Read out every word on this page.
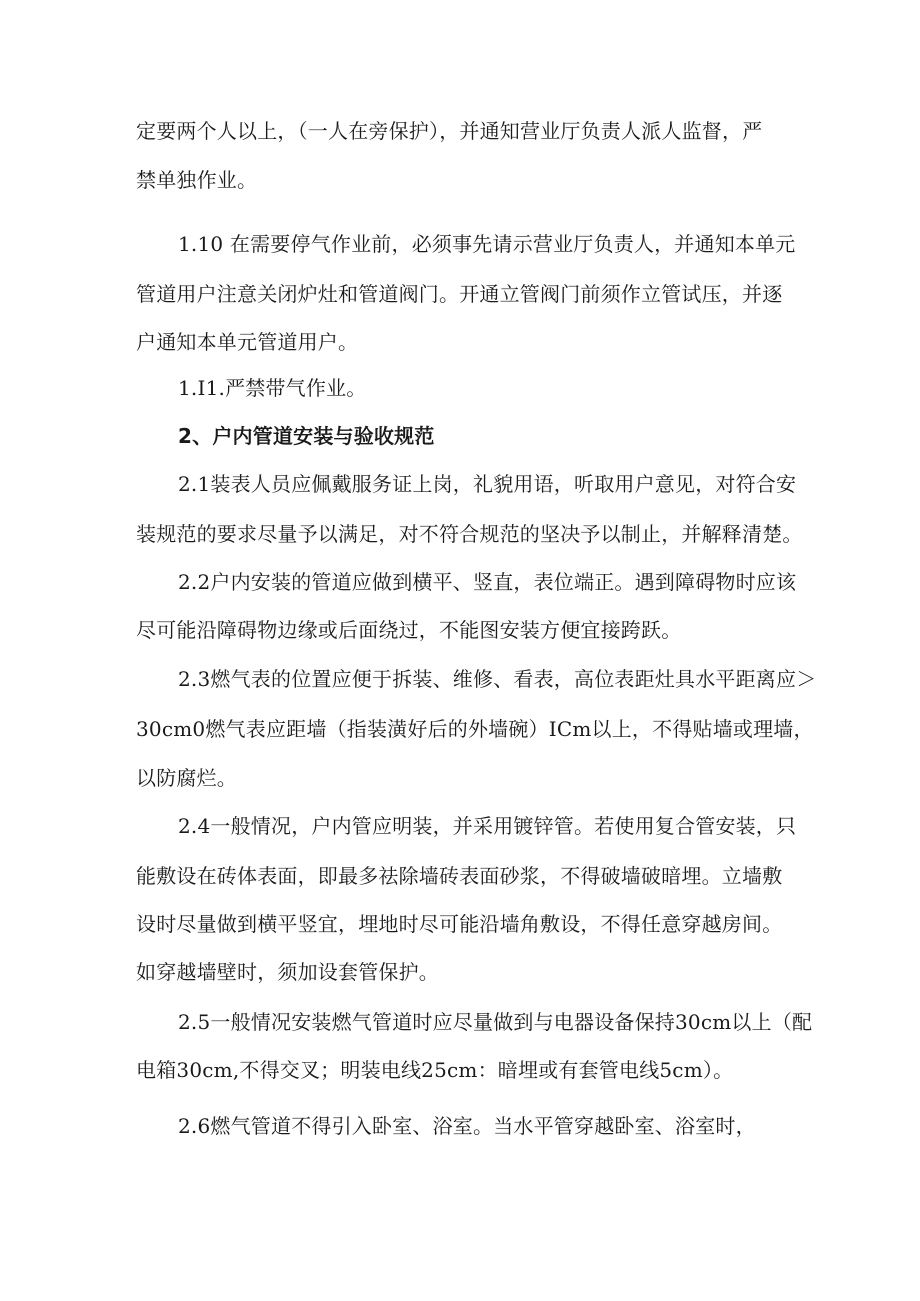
定要两个人以上，（一人在旁保护），并通知营业厅负责人派人监督，严
禁单独作业。
1.10 在需要停气作业前，必须事先请示营业厅负责人，并通知本单元
管道用户注意关闭炉灶和管道阀门。开通立管阀门前须作立管试压，并逐
户通知本单元管道用户。
1.I1.严禁带气作业。
2、户内管道安装与验收规范
2.1装表人员应佩戴服务证上岗，礼貌用语，听取用户意见，对符合安
装规范的要求尽量予以满足，对不符合规范的坚决予以制止，并解释清楚。
2.2户内安装的管道应做到横平、竖直，表位端正。遇到障碍物时应该
尽可能沿障碍物边缘或后面绕过，不能图安装方便宜接跨跃。
2.3燃气表的位置应便于拆装、维修、看表，高位表距灶具水平距离应＞
30cm0燃气表应距墙（指装潢好后的外墙碗）ICm以上，不得贴墙或理墙，
以防腐烂。
2.4一般情况，户内管应明装，并采用镀锌管。若使用复合管安装，只
能敷设在砖体表面，即最多祛除墙砖表面砂浆，不得破墙破暗埋。立墙敷
设时尽量做到横平竖宜，埋地时尽可能沿墙角敷设，不得任意穿越房间。
如穿越墙壁时，须加设套管保护。
2.5一般情况安装燃气管道时应尽量做到与电器设备保持30cm以上（配
电箱30cm,不得交叉；明装电线25cm：暗埋或有套管电线5cm）。
2.6燃气管道不得引入卧室、浴室。当水平管穿越卧室、浴室时，
